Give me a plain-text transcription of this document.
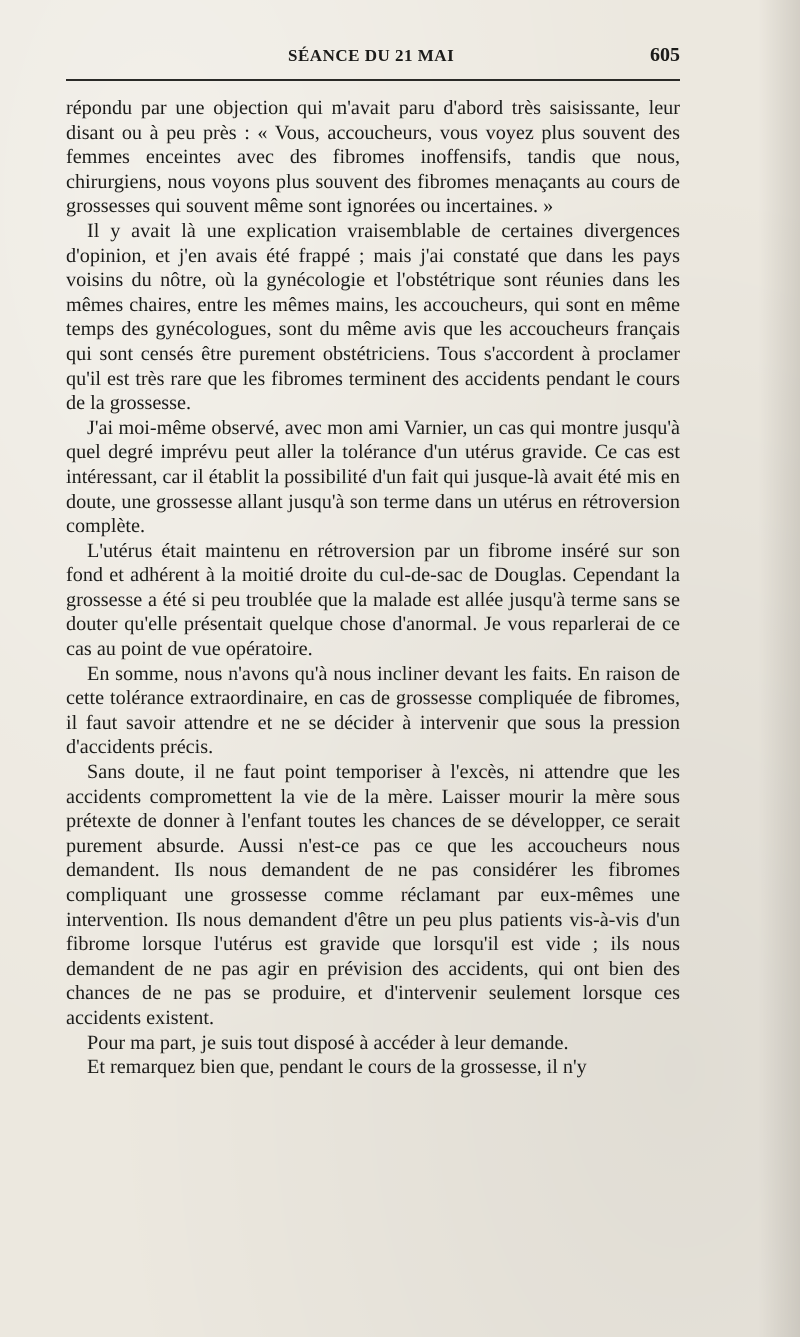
SÉANCE DU 21 MAI	605

répondu par une objection qui m'avait paru d'abord très saisissante, leur disant ou à peu près : « Vous, accoucheurs, vous voyez plus souvent des femmes enceintes avec des fibromes inoffensifs, tandis que nous, chirurgiens, nous voyons plus souvent des fibromes menaçants au cours de grossesses qui souvent même sont ignorées ou incertaines. »

Il y avait là une explication vraisemblable de certaines divergences d'opinion, et j'en avais été frappé ; mais j'ai constaté que dans les pays voisins du nôtre, où la gynécologie et l'obstétrique sont réunies dans les mêmes chaires, entre les mêmes mains, les accoucheurs, qui sont en même temps des gynécologues, sont du même avis que les accoucheurs français qui sont censés être purement obstétriciens. Tous s'accordent à proclamer qu'il est très rare que les fibromes terminent des accidents pendant le cours de la grossesse.

J'ai moi-même observé, avec mon ami Varnier, un cas qui montre jusqu'à quel degré imprévu peut aller la tolérance d'un utérus gravide. Ce cas est intéressant, car il établit la possibilité d'un fait qui jusque-là avait été mis en doute, une grossesse allant jusqu'à son terme dans un utérus en rétroversion complète.

L'utérus était maintenu en rétroversion par un fibrome inséré sur son fond et adhérent à la moitié droite du cul-de-sac de Douglas. Cependant la grossesse a été si peu troublée que la malade est allée jusqu'à terme sans se douter qu'elle présentait quelque chose d'anormal. Je vous reparlerai de ce cas au point de vue opératoire.

En somme, nous n'avons qu'à nous incliner devant les faits. En raison de cette tolérance extraordinaire, en cas de grossesse compliquée de fibromes, il faut savoir attendre et ne se décider à intervenir que sous la pression d'accidents précis.

Sans doute, il ne faut point temporiser à l'excès, ni attendre que les accidents compromettent la vie de la mère. Laisser mourir la mère sous prétexte de donner à l'enfant toutes les chances de se développer, ce serait purement absurde. Aussi n'est-ce pas ce que les accoucheurs nous demandent. Ils nous demandent de ne pas considérer les fibromes compliquant une grossesse comme réclamant par eux-mêmes une intervention. Ils nous demandent d'être un peu plus patients vis-à-vis d'un fibrome lorsque l'utérus est gravide que lorsqu'il est vide ; ils nous demandent de ne pas agir en prévision des accidents, qui ont bien des chances de ne pas se produire, et d'intervenir seulement lorsque ces accidents existent.

Pour ma part, je suis tout disposé à accéder à leur demande.

Et remarquez bien que, pendant le cours de la grossesse, il n'y
